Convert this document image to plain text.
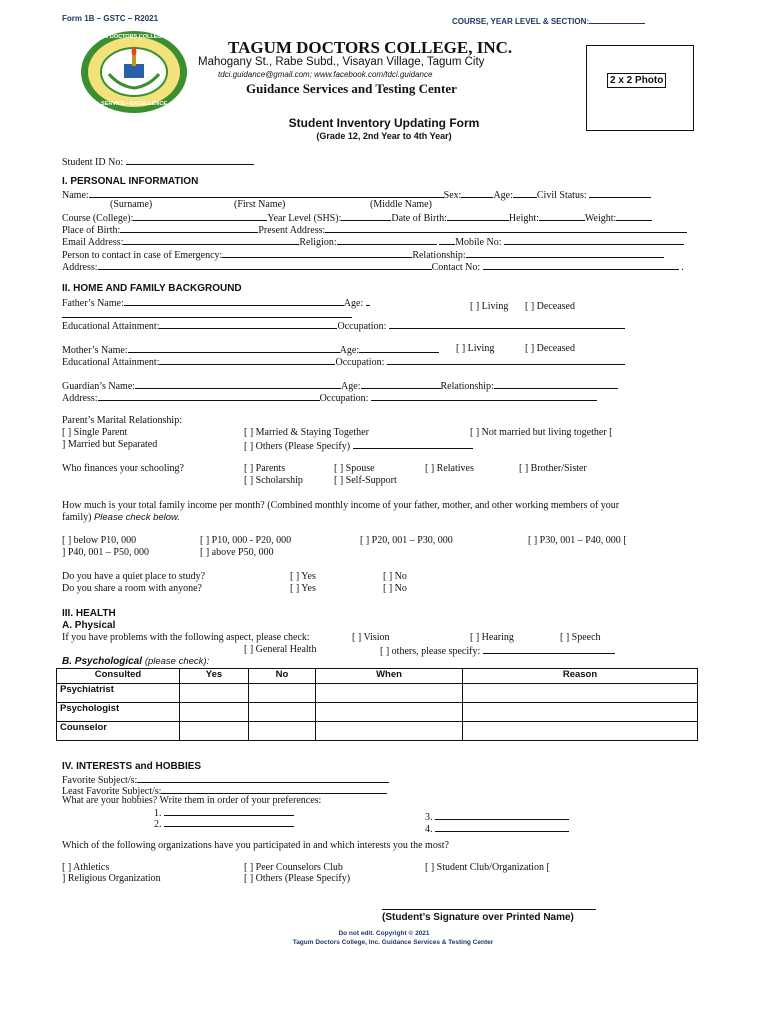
Form 1B – GSTC – R2021	COURSE, YEAR LEVEL & SECTION:
TAGUM DOCTORS COLLEGE, INC.
SERVICE • EXCELLENCE
TAGUM DOCTORS COLLEGE, INC.
Mahogany St., Rabe Subd., Visayan Village, Tagum City
tdci.guidance@gmail.com; www.facebook.com/tdci.guidance
Guidance Services and Testing Center
2 x 2 Photo
Student Inventory Updating Form
(Grade 12, 2nd Year to 4th Year)
Student ID No:
I. PERSONAL INFORMATION
Name:	Sex:	Age: Civil Status:
(Surname)	(First Name)	(Middle Name)
Course (College):	Year Level (SHS):	Date of Birth:	Height:	Weight:
Place of Birth:	Present Address:
Email Address:	Religion:	Mobile No:
Person to contact in case of Emergency:	Relationship:
Address:	Contact No:	.
II. HOME AND FAMILY BACKGROUND
Father’s Name:	Age:	[ ] Living [ ] Deceased
Educational Attainment:	Occupation:
Mother’s Name:	Age:	[ ] Living	[ ] Deceased
Educational Attainment:	Occupation:
Guardian’s Name:	Age:	Relationship:
Address:	Occupation:
Parent’s Marital Relationship:
[ ] Single Parent	[ ] Married & Staying Together	[ ] Not married but living together [
] Married but Separated	[ ] Others (Please Specify)
Who finances your schooling?	[ ] Parents	[ ] Spouse	[ ] Relatives	[ ] Brother/Sister
[ ] Scholarship	[ ] Self-Support
How much is your total family income per month? (Combined monthly income of your father, mother, and other working members of your
family) Please check below.
[ ] below P10, 000	[ ] P10, 000 - P20, 000	[ ] P20, 001 – P30, 000	[ ] P30, 001 – P40, 000 [
] P40, 001 – P50, 000	[ ] above P50, 000
Do you have a quiet place to study?	[ ] Yes	[ ] No
Do you share a room with anyone?	[ ] Yes	[ ] No
III. HEALTH
A. Physical
If you have problems with the following aspect, please check:	[ ] Vision	[ ] Hearing	[ ] Speech
[ ] General Health	[ ] others, please specify:
B. Psychological (please check):
Consulted	Yes	No	When	Reason
Psychiatrist				
Psychologist				
Counselor				
IV. INTERESTS and HOBBIES
Favorite Subject/s:
Least Favorite Subject/s:
What are your hobbies? Write them in order of your preferences:
1.
2.
3.
4.
Which of the following organizations have you participated in and which interests you the most?
[ ] Athletics	[ ] Peer Counselors Club	[ ] Student Club/Organization [
] Religious Organization	[ ] Others (Please Specify)
(Student’s Signature over Printed Name)
Do not edit. Copyright © 2021
Tagum Doctors College, Inc. Guidance Services & Testing Center
